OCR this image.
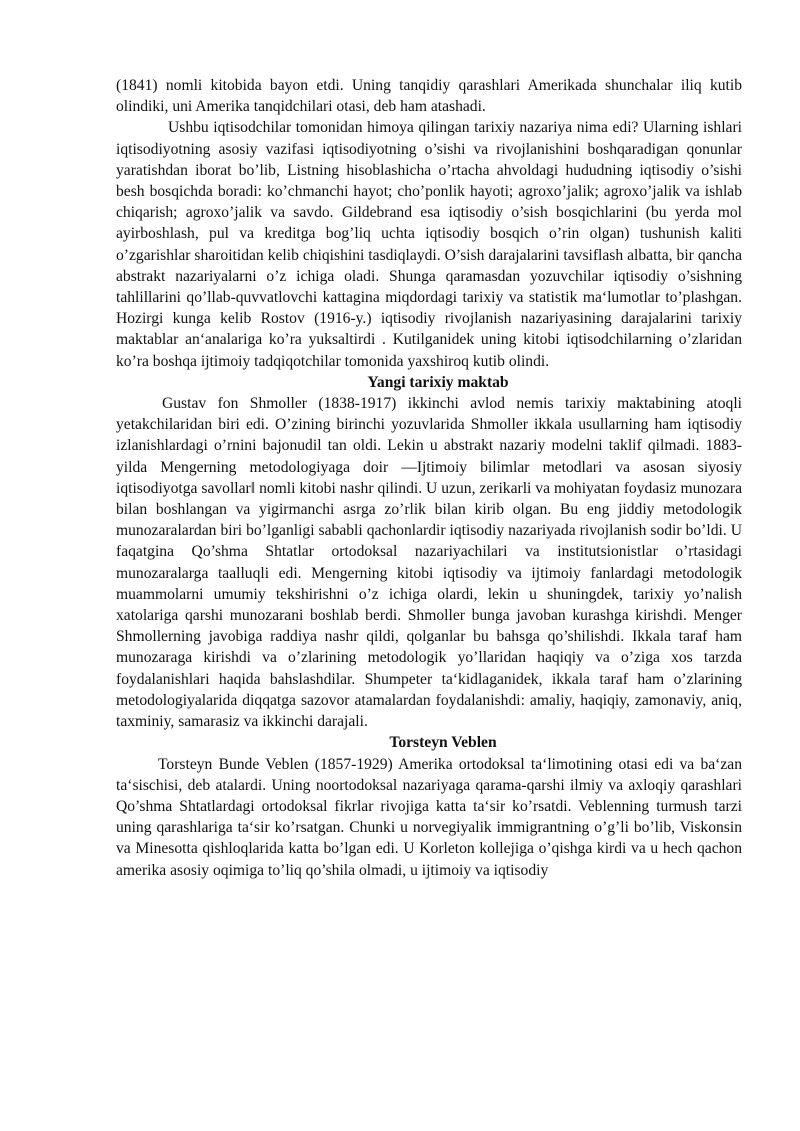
(1841) nomli kitobida bayon etdi. Uning tanqidiy qarashlari Amerikada shunchalar iliq kutib olindiki, uni Amerika tanqidchilari otasi, deb ham atashadi.

Ushbu iqtisodchilar tomonidan himoya qilingan tarixiy nazariya nima edi? Ularning ishlari iqtisodiyotning asosiy vazifasi iqtisodiyotning o’sishi va rivojlanishini boshqaradigan qonunlar yaratishdan iborat bo’lib, Listning hisoblashicha o’rtacha ahvoldagi hududning iqtisodiy o’sishi besh bosqichda boradi: ko’chmanchi hayot; cho’ponlik hayoti; agroxo’jalik; agroxo’jalik va ishlab chiqarish; agroxo’jalik va savdo. Gildebrand esa iqtisodiy o’sish bosqichlarini (bu yerda mol ayirboshlash, pul va kreditga bog’liq uchta iqtisodiy bosqich o’rin olgan) tushunish kaliti o’zgarishlar sharoitidan kelib chiqishini tasdiqlaydi. O’sish darajalarini tavsiflash albatta, bir qancha abstrakt nazariyalarni o’z ichiga oladi. Shunga qaramasdan yozuvchilar iqtisodiy o’sishning tahlillarini qo’llab-quvvatlovchi kattagina miqdordagi tarixiy va statistik ma‘lumotlar to’plashgan. Hozirgi kunga kelib Rostov (1916-y.) iqtisodiy rivojlanish nazariyasining darajalarini tarixiy maktablar an‘analariga ko’ra yuksaltirdi . Kutilganidek uning kitobi iqtisodchilarning o’zlaridan ko’ra boshqa ijtimoiy tadqiqotchilar tomonida yaxshiroq kutib olindi.

Yangi tarixiy maktab

Gustav fon Shmoller (1838-1917) ikkinchi avlod nemis tarixiy maktabining atoqli yetakchilaridan biri edi. O’zining birinchi yozuvlarida Shmoller ikkala usullarning ham iqtisodiy izlanishlardagi o’rnini bajonudil tan oldi. Lekin u abstrakt nazariy modelni taklif qilmadi. 1883-yilda Mengerning metodologiyaga doir ―Ijtimoiy bilimlar metodlari va asosan siyosiy iqtisodiyotga savollar‖ nomli kitobi nashr qilindi. U uzun, zerikarli va mohiyatan foydasiz munozara bilan boshlangan va yigirmanchi asrga zo’rlik bilan kirib olgan. Bu eng jiddiy metodologik munozaralardan biri bo’lganligi sababli qachonlardir iqtisodiy nazariyada rivojlanish sodir bo’ldi. U faqatgina Qo’shma Shtatlar ortodoksal nazariyachilari va institutsionistlar o’rtasidagi munozaralarga taalluqli edi. Mengerning kitobi iqtisodiy va ijtimoiy fanlardagi metodologik muammolarni umumiy tekshirishni o’z ichiga olardi, lekin u shuningdek, tarixiy yo’nalish xatolariga qarshi munozarani boshlab berdi. Shmoller bunga javoban kurashga kirishdi. Menger Shmollerning javobiga raddiya nashr qildi, qolganlar bu bahsga qo’shilishdi. Ikkala taraf ham munozaraga kirishdi va o’zlarining metodologik yo’llaridan haqiqiy va o’ziga xos tarzda foydalanishlari haqida bahslashdilar. Shumpeter ta‘kidlaganidek, ikkala taraf ham o’zlarining metodologiyalarida diqqatga sazovor atamalardan foydalanishdi: amaliy, haqiqiy, zamonaviy, aniq, taxminiy, samarasiz va ikkinchi darajali.

Torsteyn Veblen

Torsteyn Bunde Veblen (1857-1929) Amerika ortodoksal ta‘limotining otasi edi va ba‘zan ta‘sischisi, deb atalardi. Uning noortodoksal nazariyaga qarama-qarshi ilmiy va axloqiy qarashlari Qo’shma Shtatlardagi ortodoksal fikrlar rivojiga katta ta‘sir ko’rsatdi. Veblenning turmush tarzi uning qarashlariga ta‘sir ko’rsatgan. Chunki u norvegiyalik immigrantning o’g’li bo’lib, Viskonsin va Minesotta qishloqlarida katta bo’lgan edi. U Korleton kollejiga o’qishga kirdi va u hech qachon amerika asosiy oqimiga to’liq qo’shila olmadi, u ijtimoiy va iqtisodiy
